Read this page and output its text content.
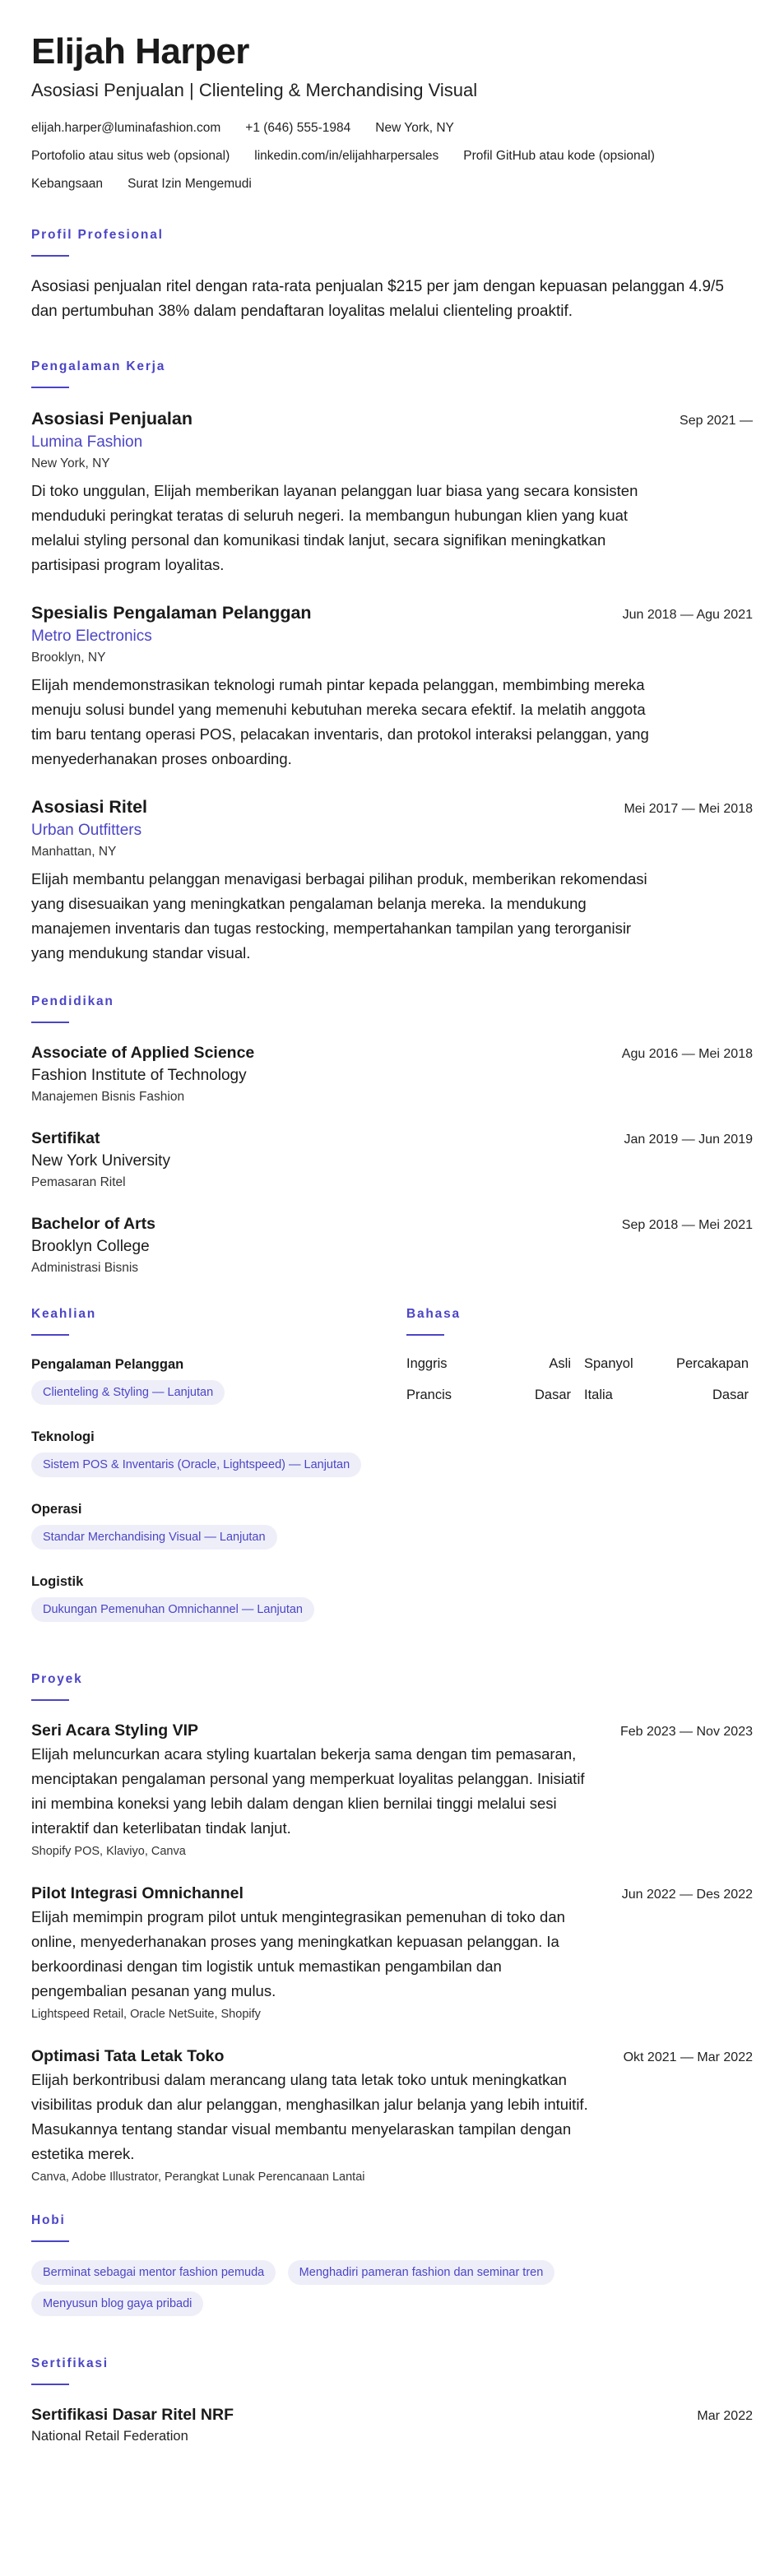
Elijah Harper
Asosiasi Penjualan | Clienteling & Merchandising Visual
elijah.harper@luminafashion.com +1 (646) 555-1984 New York, NY
Portofolio atau situs web (opsional) linkedin.com/in/elijahharpersales Profil GitHub atau kode (opsional)
Kebangsaan Surat Izin Mengemudi
Profil Profesional

Asosiasi penjualan ritel dengan rata-rata penjualan $215 per jam dengan kepuasan pelanggan 4.9/5 dan pertumbuhan 38% dalam pendaftaran loyalitas melalui clienteling proaktif.

Pengalaman Kerja
Asosiasi Penjualan	Sep 2021 —
Lumina Fashion
New York, NY

Di toko unggulan, Elijah memberikan layanan pelanggan luar biasa yang secara konsisten menduduki peringkat teratas di seluruh negeri. Ia membangun hubungan klien yang kuat melalui styling personal dan komunikasi tindak lanjut, secara signifikan meningkatkan partisipasi program loyalitas.

Spesialis Pengalaman Pelanggan	Jun 2018 — Agu 2021
Metro Electronics
Brooklyn, NY

Elijah mendemonstrasikan teknologi rumah pintar kepada pelanggan, membimbing mereka menuju solusi bundel yang memenuhi kebutuhan mereka secara efektif. Ia melatih anggota tim baru tentang operasi POS, pelacakan inventaris, dan protokol interaksi pelanggan, yang menyederhanakan proses onboarding.

Asosiasi Ritel	Mei 2017 — Mei 2018
Urban Outfitters
Manhattan, NY

Elijah membantu pelanggan menavigasi berbagai pilihan produk, memberikan rekomendasi yang disesuaikan yang meningkatkan pengalaman belanja mereka. Ia mendukung manajemen inventaris dan tugas restocking, mempertahankan tampilan yang terorganisir yang mendukung standar visual.

Pendidikan
Associate of Applied Science	Agu 2016 — Mei 2018
Fashion Institute of Technology
Manajemen Bisnis Fashion
Sertifikat	Jan 2019 — Jun 2019
New York University
Pemasaran Ritel
Bachelor of Arts	Sep 2018 — Mei 2021
Brooklyn College
Administrasi Bisnis
Keahlian
Pengalaman Pelanggan
Clienteling & Styling — Lanjutan
Teknologi
Sistem POS & Inventaris (Oracle, Lightspeed) — Lanjutan
Operasi
Standar Merchandising Visual — Lanjutan
Logistik
Dukungan Pemenuhan Omnichannel — Lanjutan
Bahasa
Inggris	Asli Spanyol	Percakapan
Prancis	Dasar Italia	Dasar
Proyek
Seri Acara Styling VIP	Feb 2023 — Nov 2023

Elijah meluncurkan acara styling kuartalan bekerja sama dengan tim pemasaran, menciptakan pengalaman personal yang memperkuat loyalitas pelanggan. Inisiatif ini membina koneksi yang lebih dalam dengan klien bernilai tinggi melalui sesi interaktif dan keterlibatan tindak lanjut.

Shopify POS, Klaviyo, Canva
Pilot Integrasi Omnichannel	Jun 2022 — Des 2022

Elijah memimpin program pilot untuk mengintegrasikan pemenuhan di toko dan online, menyederhanakan proses yang meningkatkan kepuasan pelanggan. Ia berkoordinasi dengan tim logistik untuk memastikan pengambilan dan pengembalian pesanan yang mulus.

Lightspeed Retail, Oracle NetSuite, Shopify
Optimasi Tata Letak Toko	Okt 2021 — Mar 2022

Elijah berkontribusi dalam merancang ulang tata letak toko untuk meningkatkan visibilitas produk dan alur pelanggan, menghasilkan jalur belanja yang lebih intuitif. Masukannya tentang standar visual membantu menyelaraskan tampilan dengan estetika merek.

Canva, Adobe Illustrator, Perangkat Lunak Perencanaan Lantai
Hobi
Berminat sebagai mentor fashion pemuda	Menghadiri pameran fashion dan seminar tren Menyusun blog gaya pribadi
Sertifikasi
Sertifikasi Dasar Ritel NRF	Mar 2022
National Retail Federation
